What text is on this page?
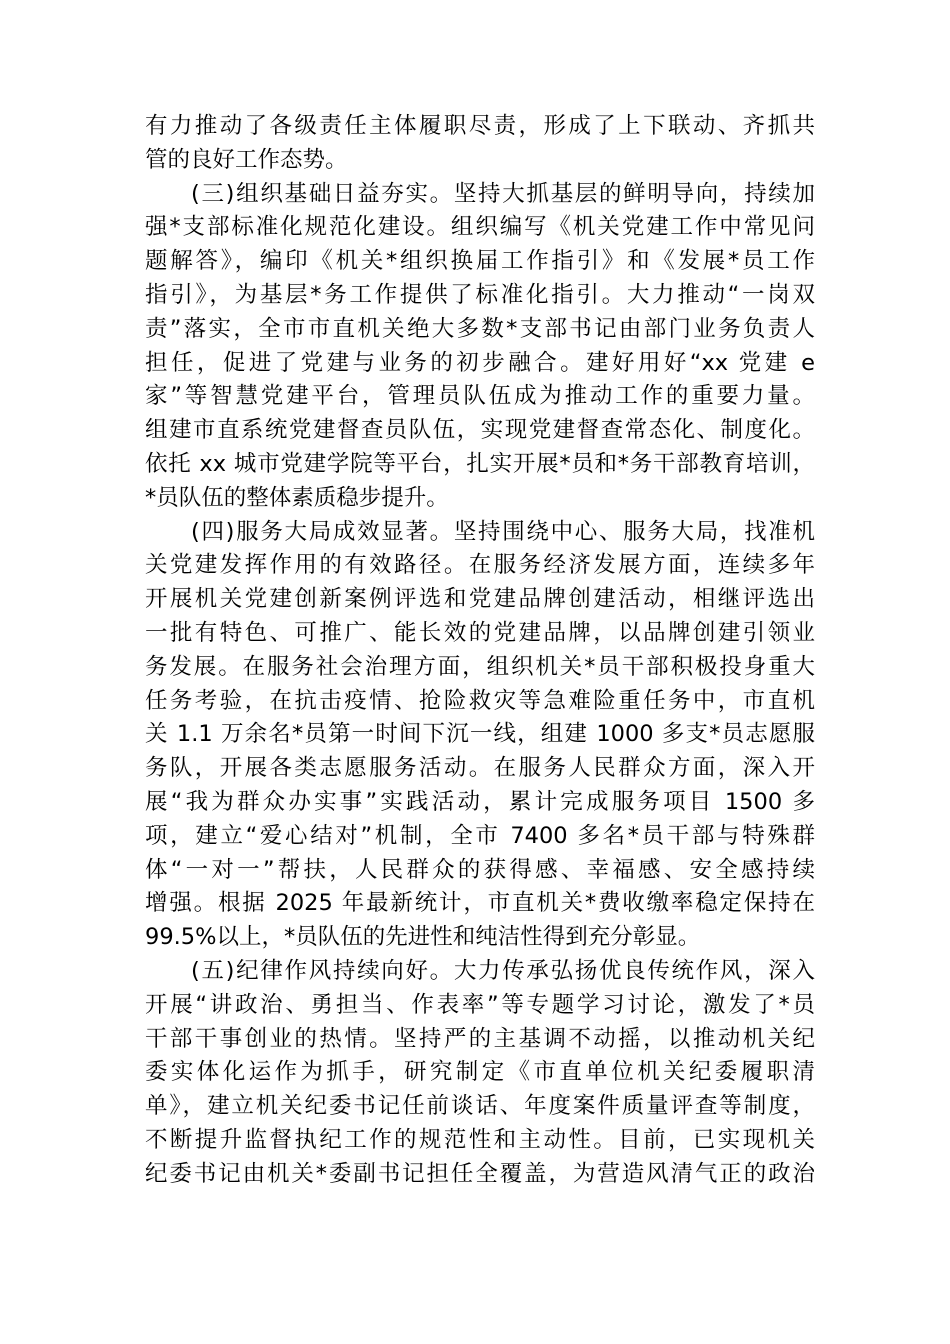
有力推动了各级责任主体履职尽责，形成了上下联动、齐抓共
管的良好工作态势。
(三)组织基础日益夯实。坚持大抓基层的鲜明导向，持续加
强*支部标准化规范化建设。组织编写《机关党建工作中常见问
题解答》，编印《机关*组织换届工作指引》和《发展*员工作
指引》，为基层*务工作提供了标准化指引。大力推动“一岗双
责”落实，全市市直机关绝大多数*支部书记由部门业务负责人
担任，促进了党建与业务的初步融合。建好用好“xx 党建 e
家”等智慧党建平台，管理员队伍成为推动工作的重要力量。
组建市直系统党建督查员队伍，实现党建督查常态化、制度化。
依托 xx 城市党建学院等平台，扎实开展*员和*务干部教育培训，
*员队伍的整体素质稳步提升。
(四)服务大局成效显著。坚持围绕中心、服务大局，找准机
关党建发挥作用的有效路径。在服务经济发展方面，连续多年
开展机关党建创新案例评选和党建品牌创建活动，相继评选出
一批有特色、可推广、能长效的党建品牌，以品牌创建引领业
务发展。在服务社会治理方面，组织机关*员干部积极投身重大
任务考验，在抗击疫情、抢险救灾等急难险重任务中，市直机
关 1.1 万余名*员第一时间下沉一线，组建 1000 多支*员志愿服
务队，开展各类志愿服务活动。在服务人民群众方面，深入开
展“我为群众办实事”实践活动，累计完成服务项目 1500 多
项，建立“爱心结对”机制，全市 7400 多名*员干部与特殊群
体“一对一”帮扶，人民群众的获得感、幸福感、安全感持续
增强。根据 2025 年最新统计，市直机关*费收缴率稳定保持在
99.5%以上，*员队伍的先进性和纯洁性得到充分彰显。
(五)纪律作风持续向好。大力传承弘扬优良传统作风，深入
开展“讲政治、勇担当、作表率”等专题学习讨论，激发了*员
干部干事创业的热情。坚持严的主基调不动摇，以推动机关纪
委实体化运作为抓手，研究制定《市直单位机关纪委履职清
单》，建立机关纪委书记任前谈话、年度案件质量评查等制度，
不断提升监督执纪工作的规范性和主动性。目前，已实现机关
纪委书记由机关*委副书记担任全覆盖，为营造风清气正的政治
